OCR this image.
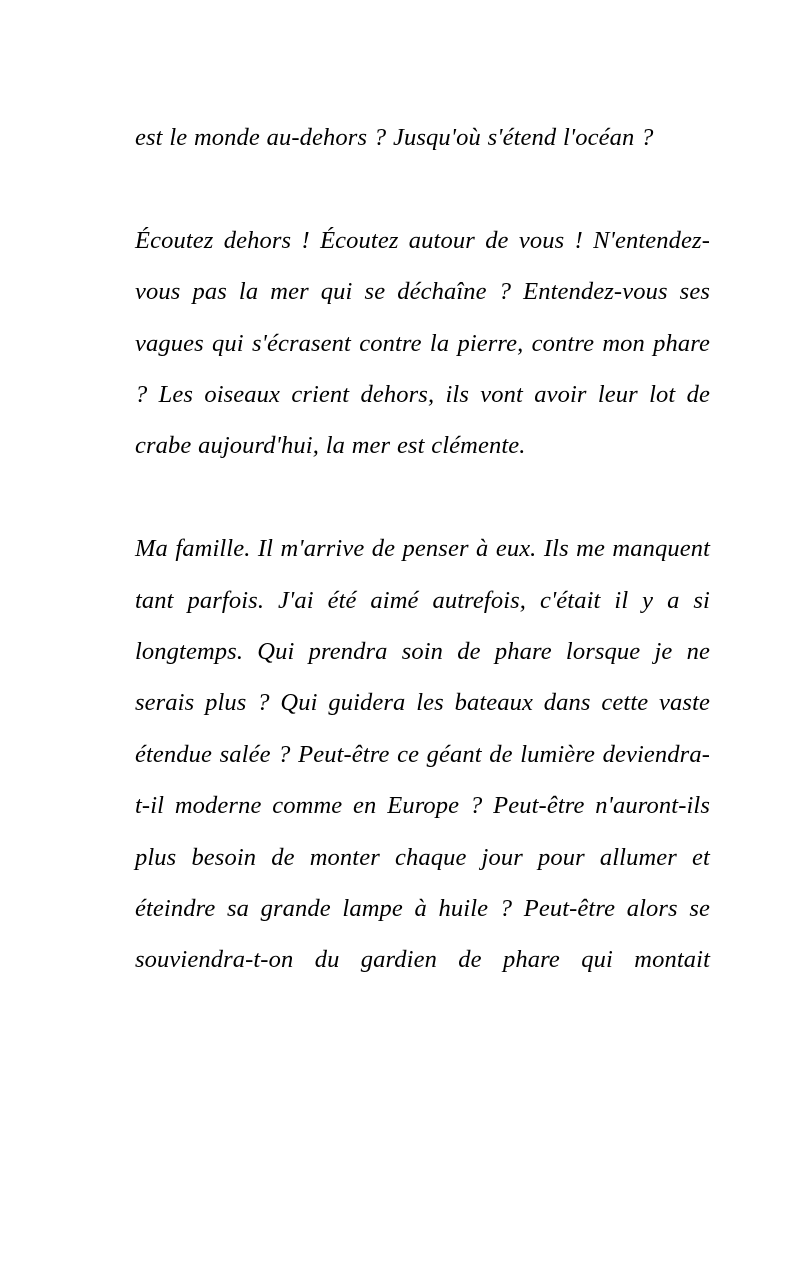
est le monde au-dehors ? Jusqu'où s'étend l'océan ?

Écoutez dehors ! Écoutez autour de vous ! N'entendez-vous pas la mer qui se déchaîne ? Entendez-vous ses vagues qui s'écrasent contre la pierre, contre mon phare ? Les oiseaux crient dehors, ils vont avoir leur lot de crabe aujourd'hui, la mer est clémente.

Ma famille. Il m'arrive de penser à eux. Ils me manquent tant parfois. J'ai été aimé autrefois, c'était il y a si longtemps. Qui prendra soin de phare lorsque je ne serais plus ? Qui guidera les bateaux dans cette vaste étendue salée ? Peut-être ce géant de lumière deviendra-t-il moderne comme en Europe ? Peut-être n'auront-ils plus besoin de monter chaque jour pour allumer et éteindre sa grande lampe à huile ? Peut-être alors se souviendra-t-on du gardien de phare qui montait
